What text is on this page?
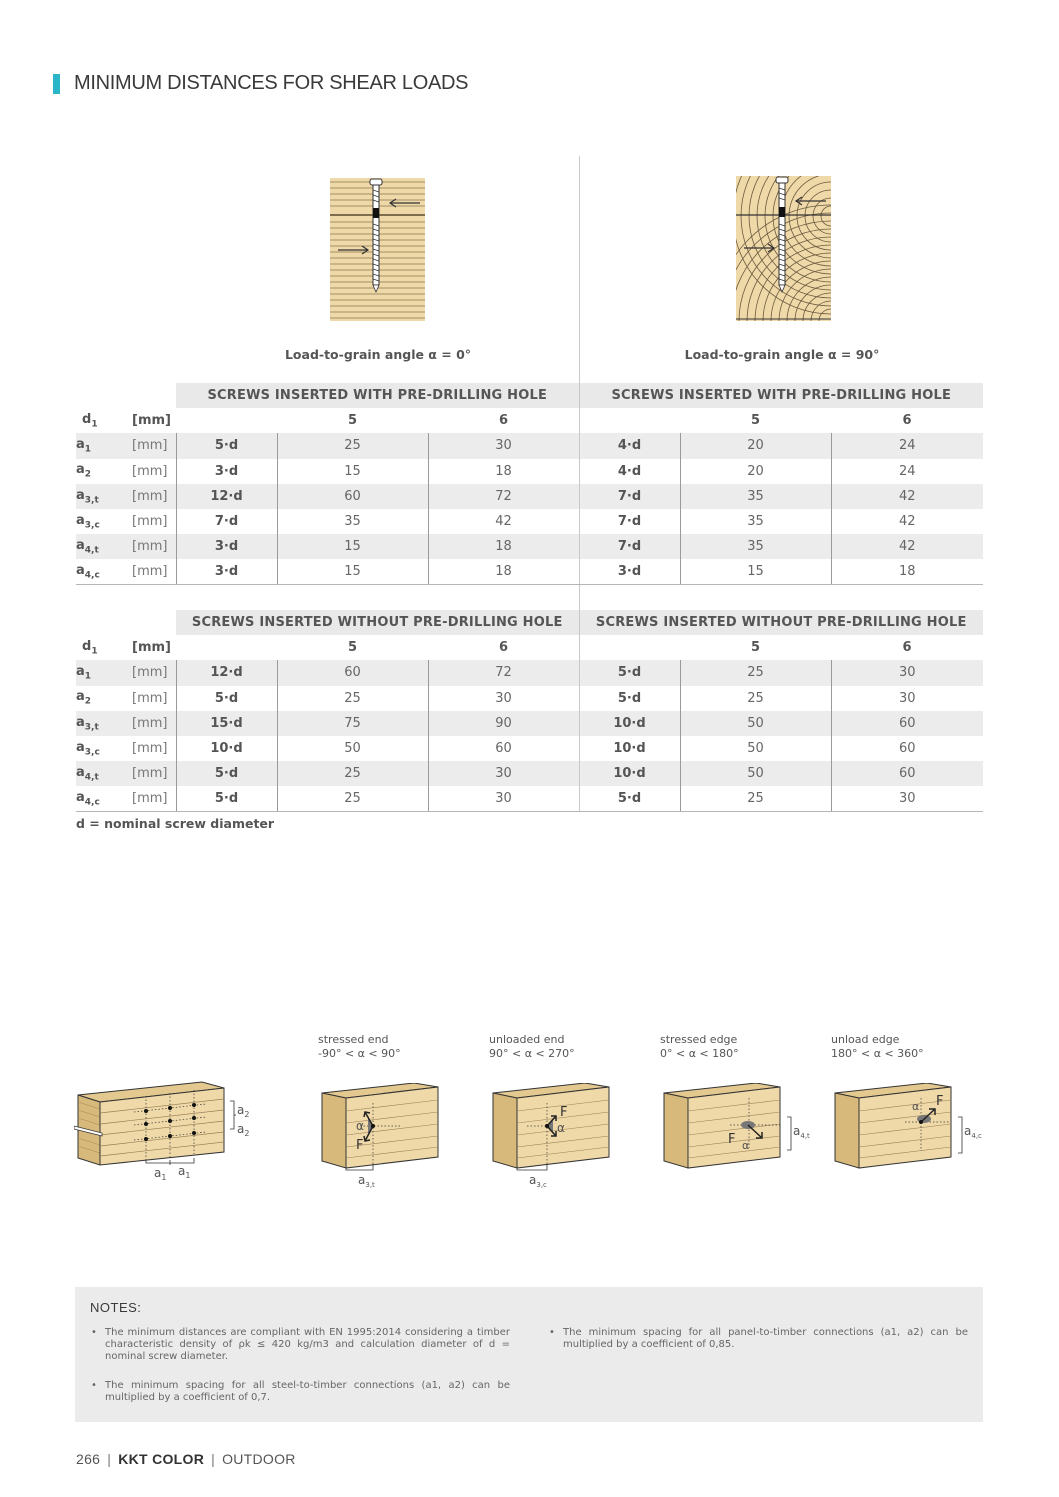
MINIMUM DISTANCES FOR SHEAR LOADS
Load-to-grain angle α = 0°	Load-to-grain angle α = 90°
		SCREWS INSERTED WITH PRE-DRILLING HOLE			SCREWS INSERTED WITH PRE-DRILLING HOLE		
$d_1$	[mm]		5	6		5	6
$a_1$	[mm]	5·d	25	30	4·d	20	24
$a_2$	[mm]	3·d	15	18	4·d	20	24
$a_{3,t}$	[mm]	12·d	60	72	7·d	35	42
$a_{3,c}$	[mm]	7·d	35	42	7·d	35	42
$a_{4,t}$	[mm]	3·d	15	18	7·d	35	42
$a_{4,c}$	[mm]	3·d	15	18	3·d	15	18
		SCREWS INSERTED WITHOUT PRE-DRILLING HOLE			SCREWS INSERTED WITHOUT PRE-DRILLING HOLE		
$d_1$	[mm]		5	6		5	6
$a_1$	[mm]	12·d	60	72	5·d	25	30
$a_2$	[mm]	5·d	25	30	5·d	25	30
$a_{3,t}$	[mm]	15·d	75	90	10·d	50	60
$a_{3,c}$	[mm]	10·d	50	60	10·d	50	60
$a_{4,t}$	[mm]	5·d	25	30	10·d	50	60
$a_{4,c}$	[mm]	5·d	25	30	5·d	25	30
d = nominal screw diameter
$a_2$
$a_2$
$a_1$ $a_1$
stressed end
-90° < α < 90°
unloaded end
90° < α < 270°
stressed edge
0° < α < 180°
unload edge
180° < α < 360°
α
F
$a_{3,t}$
F
α
$a_{3,c}$
F α
$a_{4,t}$
α F
$a_{4,c}$
NOTES:
• The minimum distances are compliant with EN 1995:2014 considering a timber characteristic density of ρk ≤ 420 kg/m3 and calculation diameter of d = nominal screw diameter.
• The minimum spacing for all steel-to-timber connections (a1, a2) can be multiplied by a coefficient of 0,7.
• The minimum spacing for all panel-to-timber connections (a1, a2) can be multiplied by a coefficient of 0,85.
266 | KKT COLOR | OUTDOOR
